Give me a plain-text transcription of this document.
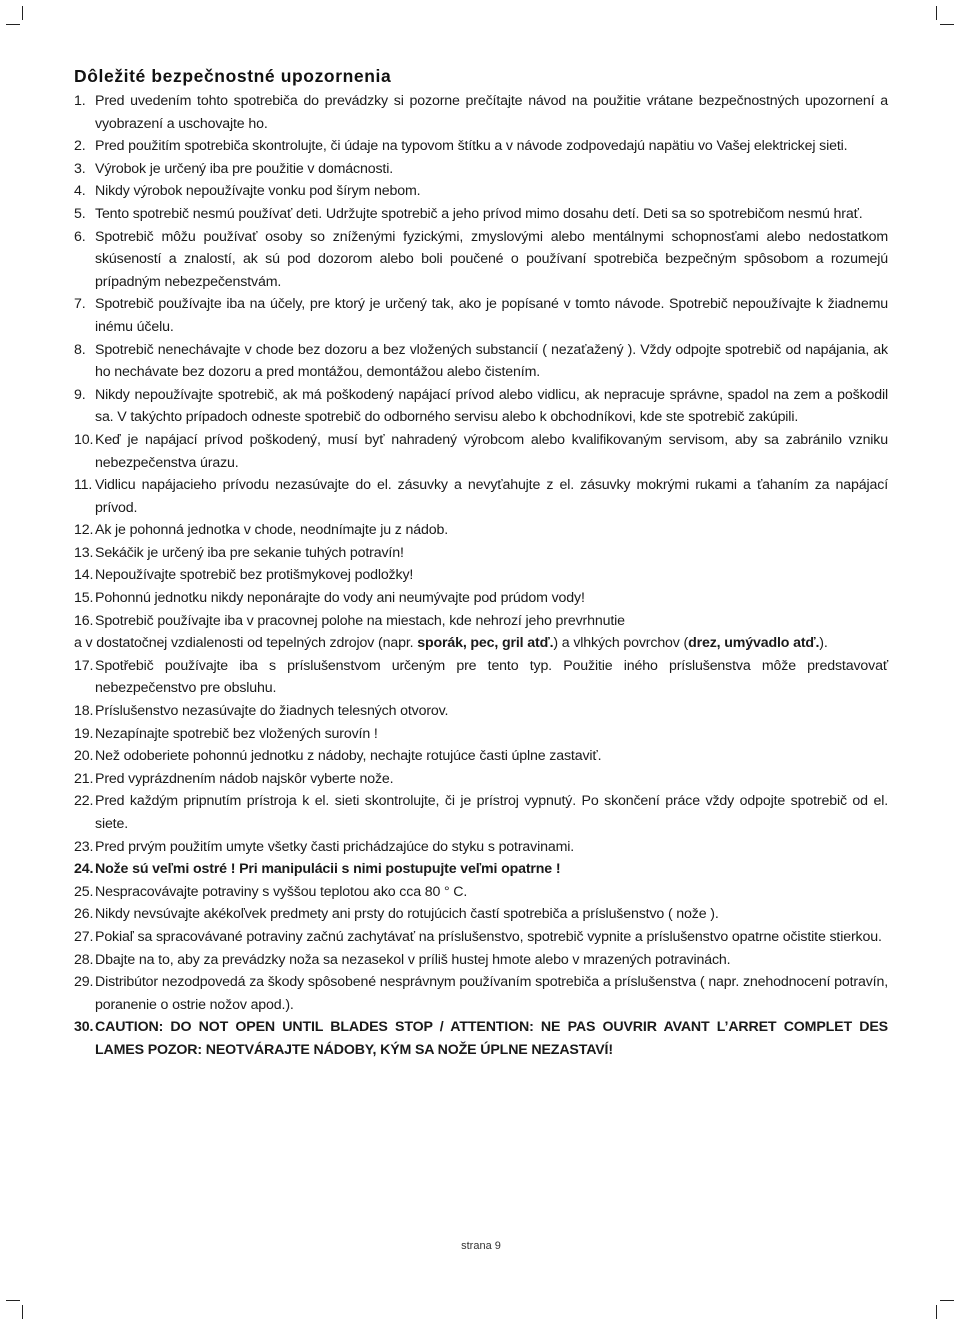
Dôležité bezpečnostné upozornenia
1. Pred uvedením tohto spotrebiča do prevádzky si pozorne prečítajte návod na použitie vrátane bezpečnostných upozornení a vyobrazení a uschovajte ho.
2. Pred použitím spotrebiča skontrolujte, či údaje na typovom štítku a v návode zodpovedajú napätiu vo Vašej elektrickej sieti.
3. Výrobok je určený iba pre použitie v domácnosti.
4. Nikdy výrobok nepoužívajte vonku pod šírym nebom.
5. Tento spotrebič nesmú používať deti. Udržujte spotrebič a jeho prívod mimo dosahu detí. Deti sa so spotrebičom nesmú hrať.
6. Spotrebič môžu používať osoby so zníženými fyzickými, zmyslovými alebo mentálnymi schopnosťami alebo nedostatkom skúseností a znalostí, ak sú pod dozorom alebo boli poučené o používaní spotrebiča bezpečným spôsobom a rozumejú prípadným nebezpečenstvám.
7. Spotrebič používajte iba na účely, pre ktorý je určený tak, ako je popísané v tomto návode. Spotrebič nepoužívajte k žiadnemu inému účelu.
8. Spotrebič nenechávajte v chode bez dozoru a bez vložených substancií ( nezaťažený ). Vždy odpojte spotrebič od napájania, ak ho nechávate bez dozoru a pred montážou, demontážou alebo čistením.
9. Nikdy nepoužívajte spotrebič, ak má poškodený napájací prívod alebo vidlicu, ak nepracuje správne, spadol na zem a poškodil sa. V takýchto prípadoch odneste spotrebič do odborného servisu alebo k obchodníkovi, kde ste spotrebič zakúpili.
10. Keď je napájací prívod poškodený, musí byť nahradený výrobcom alebo kvalifikovaným servisom, aby sa zabránilo vzniku nebezpečenstva úrazu.
11. Vidlicu napájacieho prívodu nezasúvajte do el. zásuvky a nevyťahujte z el. zásuvky mokrými rukami a ťahaním za napájací prívod.
12. Ak je pohonná jednotka v chode, neodnímajte ju z nádob.
13. Sekáčik je určený iba pre sekanie tuhých potravín!
14. Nepoužívajte spotrebič bez protišmykovej podložky!
15. Pohonnú jednotku nikdy neponárajte do vody ani neumývajte pod prúdom vody!
16. Spotrebič používajte iba v pracovnej polohe na miestach, kde nehrozí jeho prevrhnutie
a v dostatočnej vzdialenosti od tepelných zdrojov (napr. sporák, pec, gril atď.) a vlhkých povrchov (drez, umývadlo atď.).
17. Spotřebič používajte iba s príslušenstvom určeným pre tento typ. Použitie iného príslušenstva môže predstavovať nebezpečenstvo pre obsluhu.
18. Príslušenstvo nezasúvajte do žiadnych telesných otvorov.
19. Nezapínajte spotrebič bez vložených surovín !
20. Než odoberiete pohonnú jednotku z nádoby, nechajte rotujúce časti úplne zastaviť.
21. Pred vyprázdnením nádob najskôr vyberte nože.
22. Pred každým pripnutím prístroja k el. sieti skontrolujte, či je prístroj vypnutý. Po skončení práce vždy odpojte spotrebič od el. siete.
23. Pred prvým použitím umyte všetky časti prichádzajúce do styku s potravinami.
24. Nože sú veľmi ostré ! Pri manipulácii s nimi postupujte veľmi opatrne !
25. Nespracovávajte potraviny s vyššou teplotou ako cca 80 ° C.
26. Nikdy nevsúvajte akékoľvek predmety ani prsty do rotujúcich častí spotrebiča a príslušenstvo ( nože ).
27. Pokiaľ sa spracovávané potraviny začnú zachytávať na príslušenstvo, spotrebič vypnite a príslušenstvo opatrne očistite stierkou.
28. Dbajte na to, aby za prevádzky noža sa nezasekol v príliš hustej hmote alebo v mrazených potravinách.
29. Distribútor nezodpovedá za škody spôsobené nesprávnym používaním spotrebiča a príslušenstva ( napr. znehodnocení potravín, poranenie o ostrie nožov apod.).
30. CAUTION: DO NOT OPEN UNTIL BLADES STOP / ATTENTION: NE PAS OUVRIR AVANT L’ARRET COMPLET DES LAMES POZOR: NEOTVÁRAJTE NÁDOBY, KÝM SA NOŽE ÚPLNE NEZASTAVÍ!
strana 9
